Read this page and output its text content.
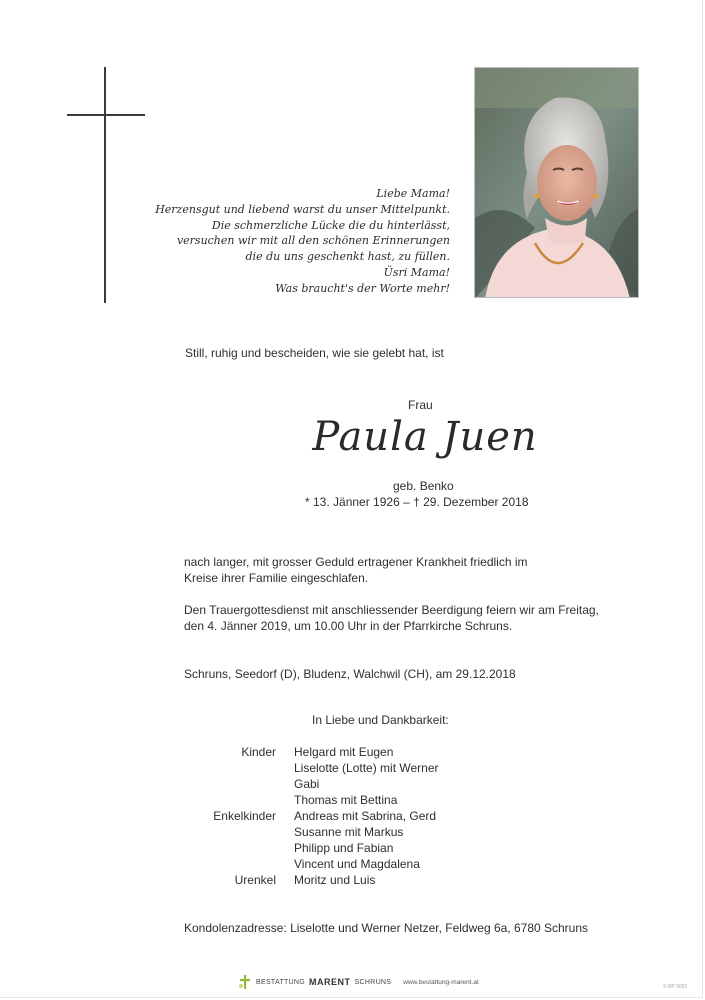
Liebe Mama!
Herzensgut und liebend warst du unser Mittelpunkt.
Die schmerzliche Lücke die du hinterlässt,
versuchen wir mit all den schönen Erinnerungen
die du uns geschenkt hast, zu füllen.
Üsri Mama!
Was braucht's der Worte mehr!
Still, ruhig und bescheiden, wie sie gelebt hat, ist
Frau
Paula Juen
geb. Benko
* 13. Jänner 1926 – † 29. Dezember 2018
nach langer, mit grosser Geduld ertragener Krankheit friedlich im
Kreise ihrer Familie eingeschlafen.
Den Trauergottesdienst mit anschliessender Beerdigung feiern wir am Freitag,
den 4. Jänner 2019, um 10.00 Uhr in der Pfarrkirche Schruns.
Schruns, Seedorf (D), Bludenz, Walchwil (CH), am 29.12.2018
In Liebe und Dankbarkeit:
Kinder	Helgard mit Eugen
Liselotte (Lotte) mit Werner
Gabi
Thomas mit Bettina
Enkelkinder	Andreas mit Sabrina, Gerd
Susanne mit Markus
Philipp und Fabian
Vincent und Magdalena
Urenkel	Moritz und Luis
Kondolenzadresse: Liselotte und Werner Netzer, Feldweg 6a, 6780 Schruns
BESTATTUNG MARENT SCHRUNS www.bestattung-marent.at
© BP 9082
